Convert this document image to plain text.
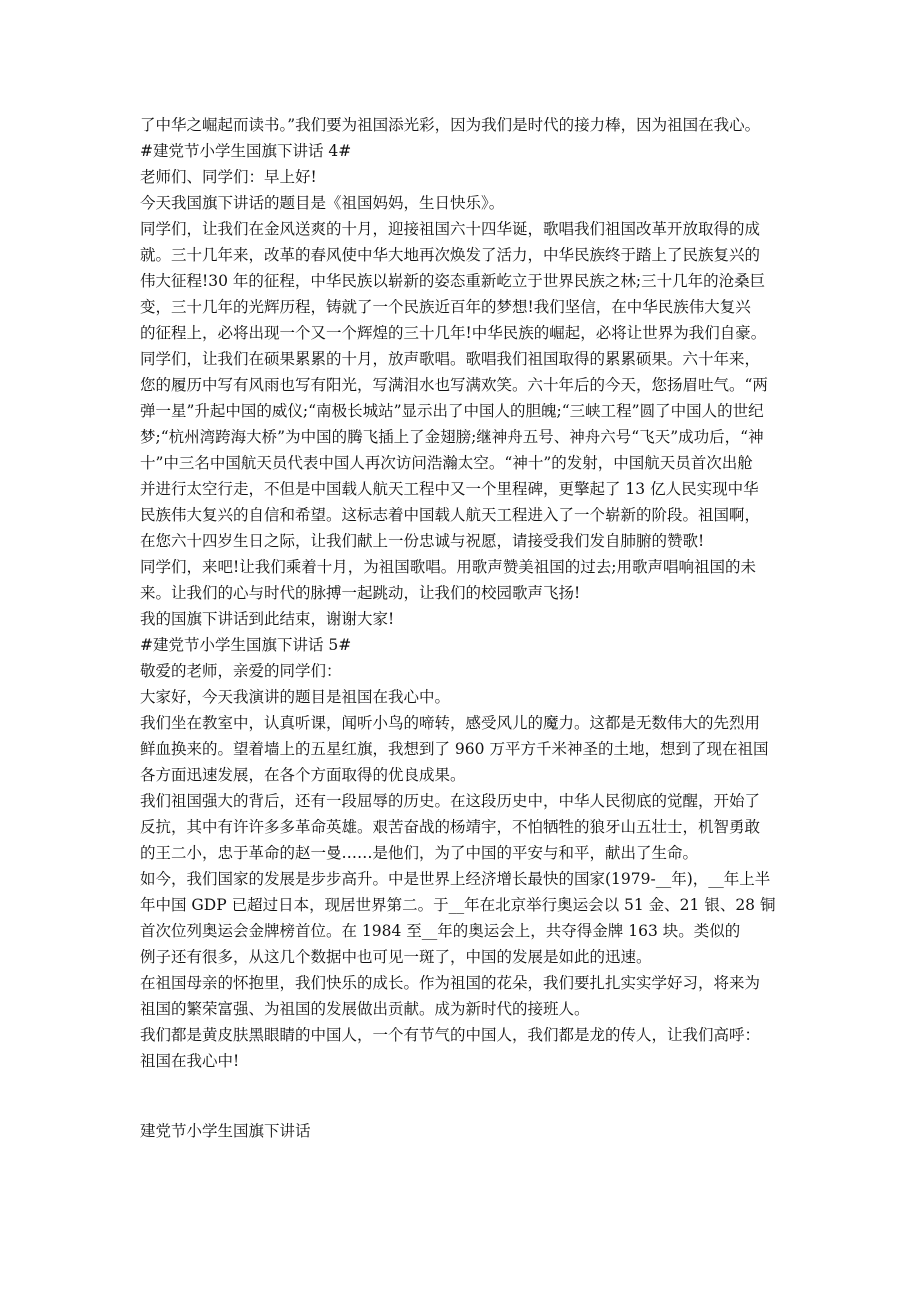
了中华之崛起而读书。”我们要为祖国添光彩，因为我们是时代的接力棒，因为祖国在我心。
#建党节小学生国旗下讲话 4#
老师们、同学们：早上好!
今天我国旗下讲话的题目是《祖国妈妈，生日快乐》。
同学们，让我们在金风送爽的十月，迎接祖国六十四华诞，歌唱我们祖国改革开放取得的成
就。三十几年来，改革的春风使中华大地再次焕发了活力，中华民族终于踏上了民族复兴的
伟大征程!30 年的征程，中华民族以崭新的姿态重新屹立于世界民族之林;三十几年的沧桑巨
变，三十几年的光辉历程，铸就了一个民族近百年的梦想!我们坚信，在中华民族伟大复兴
的征程上，必将出现一个又一个辉煌的三十几年!中华民族的崛起，必将让世界为我们自豪。
同学们，让我们在硕果累累的十月，放声歌唱。歌唱我们祖国取得的累累硕果。六十年来，
您的履历中写有风雨也写有阳光，写满泪水也写满欢笑。六十年后的今天，您扬眉吐气。“两
弹一星”升起中国的威仪;“南极长城站”显示出了中国人的胆魄;“三峡工程”圆了中国人的世纪
梦;“杭州湾跨海大桥”为中国的腾飞插上了金翅膀;继神舟五号、神舟六号“飞天”成功后，“神
十”中三名中国航天员代表中国人再次访问浩瀚太空。“神十”的发射，中国航天员首次出舱
并进行太空行走，不但是中国载人航天工程中又一个里程碑，更擎起了 13 亿人民实现中华
民族伟大复兴的自信和希望。这标志着中国载人航天工程进入了一个崭新的阶段。祖国啊，
在您六十四岁生日之际，让我们献上一份忠诚与祝愿，请接受我们发自肺腑的赞歌!
同学们，来吧!让我们乘着十月，为祖国歌唱。用歌声赞美祖国的过去;用歌声唱响祖国的未
来。让我们的心与时代的脉搏一起跳动，让我们的校园歌声飞扬!
我的国旗下讲话到此结束，谢谢大家!
#建党节小学生国旗下讲话 5#
敬爱的老师，亲爱的同学们：
大家好，今天我演讲的题目是祖国在我心中。
我们坐在教室中，认真听课，闻听小鸟的啼转，感受风儿的魔力。这都是无数伟大的先烈用
鲜血换来的。望着墙上的五星红旗，我想到了 960 万平方千米神圣的土地，想到了现在祖国
各方面迅速发展，在各个方面取得的优良成果。
我们祖国强大的背后，还有一段屈辱的历史。在这段历史中，中华人民彻底的觉醒，开始了
反抗，其中有许许多多革命英雄。艰苦奋战的杨靖宇，不怕牺牲的狼牙山五壮士，机智勇敢
的王二小，忠于革命的赵一曼……是他们，为了中国的平安与和平，献出了生命。
如今，我们国家的发展是步步高升。中是世界上经济增长最快的国家(1979-__年)，__年上半
年中国 GDP 已超过日本，现居世界第二。于__年在北京举行奥运会以 51 金、21 银、28 铜
首次位列奥运会金牌榜首位。在 1984 至__年的奥运会上，共夺得金牌 163 块。类似的
例子还有很多，从这几个数据中也可见一斑了，中国的发展是如此的迅速。
在祖国母亲的怀抱里，我们快乐的成长。作为祖国的花朵，我们要扎扎实实学好习，将来为
祖国的繁荣富强、为祖国的发展做出贡献。成为新时代的接班人。
我们都是黄皮肤黑眼睛的中国人，一个有节气的中国人，我们都是龙的传人，让我们高呼：
祖国在我心中!
建党节小学生国旗下讲话
